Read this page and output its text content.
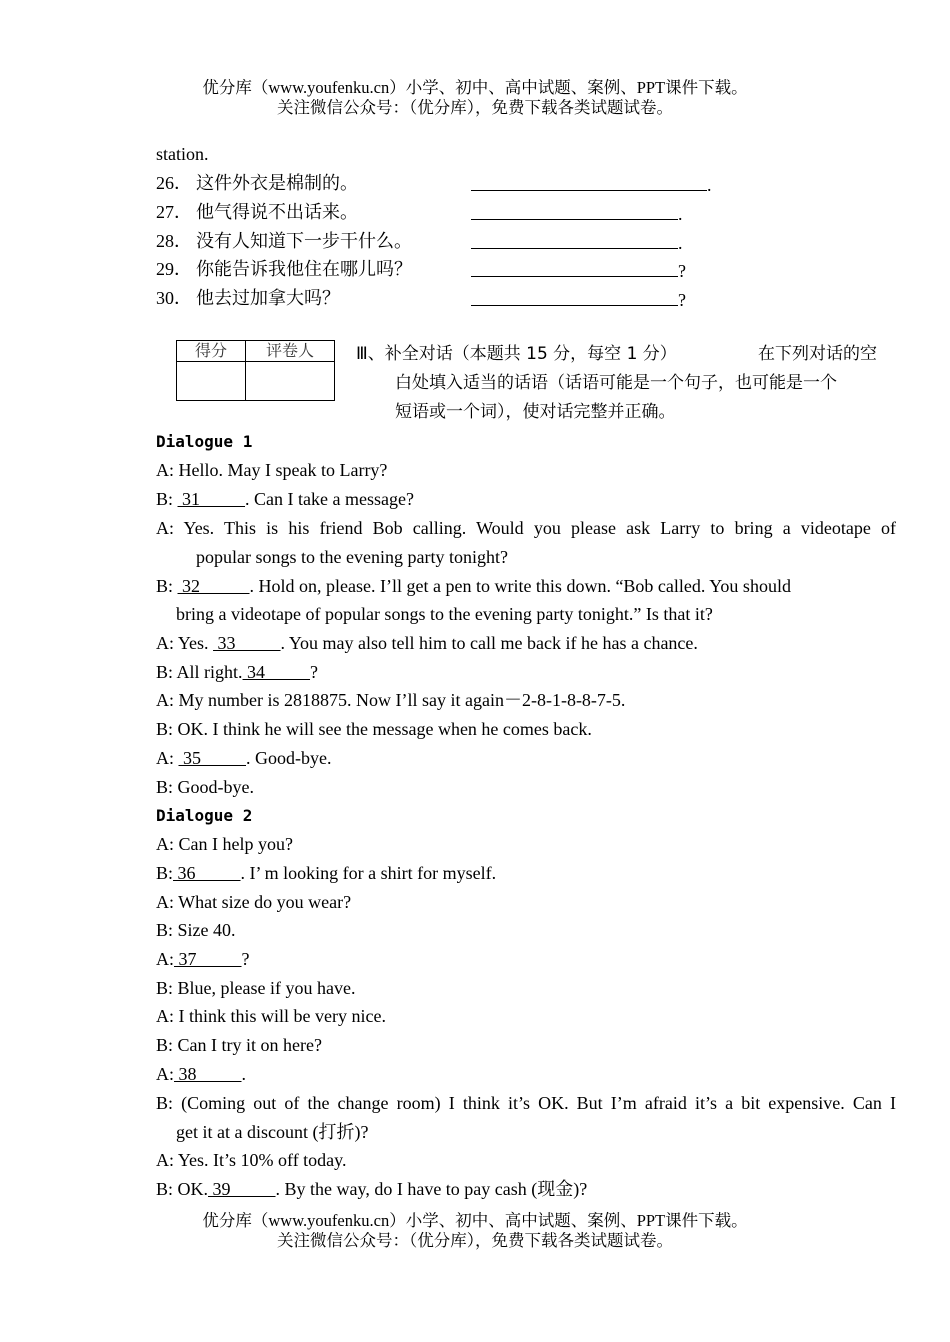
优分库（www.youfenku.cn）小学、初中、高中试题、案例、PPT课件下载。
关注微信公众号：（优分库），免费下载各类试题试卷。
station.
26． 这件外衣是棉制的。	.
27． 他气得说不出话来。	.
28． 没有人知道下一步干什么。	.
29． 你能告诉我他住在哪儿吗？	?
30． 他去过加拿大吗？	?
得分	评卷人
	Ⅲ、补全对话（本题共 15 分，每空 1 分）	在下列对话的空
白处填入适当的话语（话语可能是一个句子，也可能是一个
短语或一个词），使对话完整并正确。
Dialogue 1
A: Hello. May I speak to Larry?
B:  31          . Can I take a message?
A: Yes. This is his friend Bob calling. Would you please ask Larry to bring a videotape of
popular songs to the evening party tonight?
B:  32           . Hold on, please. I’ll get a pen to write this down. “Bob called. You should
bring a videotape of popular songs to the evening party tonight.” Is that it?
A: Yes.  33          . You may also tell him to call me back if he has a chance.
B: All right. 34          ?
A: My number is 2818875. Now I’ll say it again－2-8-1-8-8-7-5.
B: OK. I think he will see the message when he comes back.
A:  35          . Good-bye.
B: Good-bye.
Dialogue 2
A: Can I help you?
B: 36          . I’ m looking for a shirt for myself.
A: What size do you wear?
B: Size 40.
A: 37          ?
B: Blue, please if you have.
A: I think this will be very nice.
B: Can I try it on here?
A: 38          .
B: (Coming out of the change room) I think it’s OK. But I’m afraid it’s a bit expensive. Can I
get it at a discount (打折)?
A: Yes. It’s 10% off today.
B: OK. 39          . By the way, do I have to pay cash (现金)?
优分库（www.youfenku.cn）小学、初中、高中试题、案例、PPT课件下载。
关注微信公众号：（优分库），免费下载各类试题试卷。
